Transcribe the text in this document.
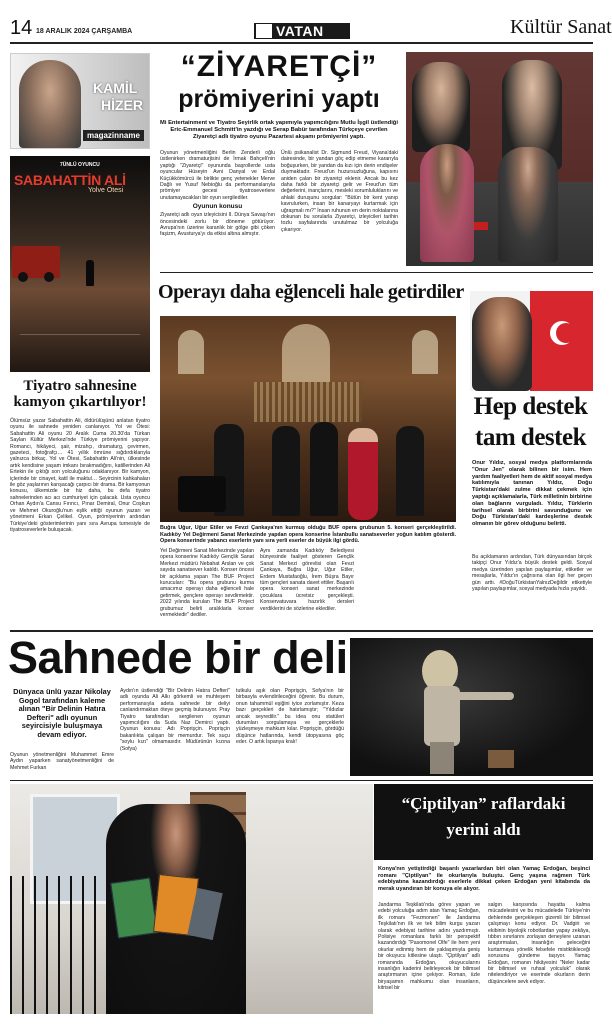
14 18 ARALIK 2024 ÇARŞAMBA	VATAN	Kültür Sanat
KAMİL
HİZER
magazinname
7ÜNLÜ OYUNCU
SABAHATTİN ALİ
Yolve Ötesi
Tiyatro sahnesine kamyon çıkartılıyor!
Ölümsüz yazar Sabahattin Ali, öldürülüşünü anlatan tiyatro oyunu ile sahnede yeniden canlanıyor. Yol ve Ötesi: Sabahattin Ali oyunu 20 Aralık Cuma 20.30'da Türkan Saylan Kültür Merkezi'nde Türkiye prömiyerini yapıyor. Romancı, hikâyeci, şair, mizahçı, dramaturg, çevirmen, gazeteci, fotoğrafçı… 41 yıllık ömrüne sığdırdıklarıyla yalnızca birkaç. Yol ve Ötesi, Sabahattin Ali'nin, ülkesinde artık kendisine yaşam imkanı bırakmadığını, katillerinden Ali Ertekin ile çıktığı son yolculuğunu odaklanıyor. Bir kamyon, içlerinde bir cinayet, katil ile maktul… Seyircinin kahkahaları ile göz yaşlarının karışacağı çarpıcı bir drama. Bir kamyonun konusu, ülkemizde bir hiz daha, bu defa tiyatro sahnelerinden acı acı cumhuriyet için çalacak. Usta oyuncu Orhan Aydın'a Cansu Fırıncı, Pınar Demiral, Onur Coşkun ve Mehmet Okuroğlu'nun eşlik ettiği oyunun yazarı ve yönetmeni Erkan Çelikel. Oyun, prömiyerinin ardından Türkiye'deki gösterimlerinin yanı sıra Avrupa turnesiyle de tiyatroseverlerle buluşacak.
“ZİYARETÇİ”
prömiyerini yaptı
Mi Entertainment ve Tiyatro Seyirlik ortak yapımıyla yapımcılığını Mutlu İşgil üstlendiği Eric-Emmanuel Schmitt'in yazdığı ve Serap Babür tarafından Türkçeye çevrilen Ziyaretçi adlı tiyatro oyunu Pazartesi akşamı prömiyerini yaptı.
Oyunun yönetmenliğini Berlin Zenderli oğlu üstlenirken dramaturjisini de İrmak Bahçeli'nin yaptığı "Ziyaretçi" oyununda başrollerde usta oyuncular Hüseyin Avni Danyal ve Erdal Küçükkömürcü ile birlikte genç yetenekler Merve Dağlı ve Yusuf Nebioğlu da performanslarıyla prömiyer gecesi tiyatroseverlere unutamayacakları bir oyun sergilediler.
Oyunun konusu
Ziyaretçi adlı oyun izleyicisini II. Dünya Savaşı'nın öncesindeki zorlu bir döneme götürüyor. Avrupa'nın üzerine karanlık bir gölge gibi çöken faşizm, Avusturya'yı da etkisi altına almıştır.
Ünlü psikanalist Dr. Sigmund Freud, Viyana'daki dairesinde, bir yandan göç edip etmeme kararıyla boğuşurken, bir yandan da kızı için derin endişeler duymaktadır. Freud'un huzursuzluğuna, kapısını aniden çalan bir ziyaretçi eklenir. Ancak bu kez daha farklı bir ziyaretçi gelir ve Freud'un tüm değerlerini, inançlarını, mesleki sorumluluklarını ve ahlaki duruşunu sorgular: "Bütün bir kent yanıp kavrulurken, insan bir kanaryayı kurtarmak için uğraşmalı mı?" İnsan ruhunun en derin noktalarına dokunan bu sorularla Ziyaretçi, izleyicileri tarihin tozlu sayfalarında unutulmaz bir yolculuğa çıkarıyor.
Operayı daha eğlenceli hale getirdiler
Buğra Uğur, Uğur Etiler ve Fevzi Çankaya'nın kurmuş olduğu BUF opera grubunun 5. konseri gerçekleştirildi. Kadıköy Yel Değirmeni Sanat Merkezinde yapılan opera konserine İstanbullu sanatseverler yoğun katılım gösterdi. Opera konserinde yabancı eserlerin yanı sıra yerli eserler de büyük ilgi gördü.
Yel Değirmeni Sanat Merkezinde yapılan opera konserine Kadıköy Gençlik Sanat Merkezi müdürü Nebahat Arslan ve çok sayıda sanatsever katıldı. Konser öncesi bir açıklama yapan The BUF Project kurucuları: "Bu opera grubunu kurma amacımız operayı daha eğlenceli hale getirmek, gençlere operayı sevdirmektir. 2022 yılında kurulan The BUF Project grubumuz belirli aralıklarla konser vermektedir" dediler.
Aynı zamanda Kadıköy Belediyesi bünyesinde faaliyet gösteren Gençlik Sanat Merkezi görevlisi olan Fevzi Çankaya, Buğra Uğur, Uğur Etiler, Erdem Mustafaoğlu, İrem Büşra Bayır tüm gençleri sanata davet ettiler. Başarılı opera konseri sanat merkezinde çocuklara ücretsiz gerçekleşti. Konservatuvara hazırlık dersleri verdiklerini de sözlerine eklediler.
Hep destek
tam destek
Onur Yıldız, sosyal medya platformlarında "Onur Jen" olarak bilinen bir isim. Hem yardım faaliyetleri hem de aktif sosyal medya katılımıyla tanınan Yıldız, Doğu Türkistan'daki zulme dikkat çekmek için yaptığı açıklamalarla, Türk milletinin birbirine olan bağlarını vurguladı. Yıldız, Türklerin tarihsel olarak birbirini savunduğunu ve Doğu Türkistan'daki kardeşlerine destek olmanın bir görev olduğunu belirtti.
Bu açıklamanın ardından, Türk dünyasından birçok takipçi Onur Yıldız'a büyük destek geldi. Sosyal medya üzerinden yapılan paylaşımlar, etiketler ve mesajlarla, Yıldız'ın çağrısına olan ilgi her geçen gün arttı. #DoğuTürkistanYalnızDeğildir etiketiyle yapılan paylaşımlar, sosyal medyada hızla yayıldı.
Sahnede bir deli
Dünyaca ünlü yazar Nikolay Gogol tarafından kaleme alınan "Bir Delinin Hatıra Defteri" adlı oyunun seyircisiyle buluşmaya devam ediyor.
Oyunun yönetmenliğini Muhammet Emre Aydın yaparken sanatyönetmenliğini de Mehmet Furkan
Aydın'ın üstlendiği "Bir Delinin Hatıra Defteri" adlı oyunda Ali Alkı görkemli ve muhteşem performansıyla adeta sahnede bir deliyi canlandırmaktan öteye geçmiş bulunuyor. Pray Tiyatro tarafından sergilenen oyunun yapımcılığını da Suda Naz Demirci yaptı. Oyunun konusu: Adı Poprişçin. Poprişçin bakanlıkta çalışan bir memurdur. Tek suçu "soylu kızı" olmamasıdır. Müdürünün kızına (Sofya)
tutkulu aşık olan Poprişçin, Sofya'nın bir birbasyla evlendirileceğini öğrenir. Bu durum, onun tahammül eşiğini iyice zorlamıştır. Keza bazı gerçekleri de hatırlamıştır; "Yıldızlar ancak seyredilir." bu idea onu statüleri durumları sorgulamaya ve gerçeklerle yüzleşmeye mahkum kılar. Poprişçin, gördüğü düşünce hatlarında, kendi ütopyasına göç eder. O artık İspanya kralı!
“Çiptilyan” raflardaki
yerini aldı
Konya'nın yetiştirdiği başarılı yazarlardan biri olan Yamaç Erdoğan, beşinci romanı "Çiptilyan" ile okurlarıyla buluştu. Genç yaşına rağmen Türk edebiyatına kazandırdığı eserlerle dikkat çeken Erdoğan yeni kitabında da merak uyandıran bir konuya ele alıyor.
Jandarma Teşkilatı'nda görev yapan ve edebi yolculuğa adım atan Yamaç Erdoğan, ilk romanı "Fezmonen" ile Jandarma Teşkilatı'nın ilk ve tek bilim kurgu yazarı olarak edebiyat tarihine adını yazdırmıştı. Polisiye romanlara farklı bir perspektif kazandırdığı "Pasomonel Olfe" ile hem yeni okurlar edinmiş hem de yaklaşımıyla geniş bir okuyucu kitlesine ulaştı. "Çiptilyan" adlı romanında Erdoğan, okuyucularını insanlığın kaderini belirleyecek bir bilimsel araştırmanın içine çekiyor. Roman, iizle biryaşamın mahkumu olan insanların, kitrisel bir
salgın karşısında hayatta kalma mücadelesini ve bu mücadelede Türkiye'nin dehlerinde gerçekleşen gizemli bir bilimsel çalışmayı konu ediyor. Dr. Vadgiri ve ekibinin biyolojik robotlardan yapay zekâya, tıbbın sınırlarını zorlayan deneylere uzanan araştırmaları, insanlığın geleceğini kurtarmaya yönelik felsefele mistiktikleceği sorusunu gündeme taşıyor. Yamaç Erdoğan, romanın hikâyesini "Neler kadar bir bilimsel ve ruhsal yolculuk" olarak nitelendiriyor ve eserinde okurların derin düşüncelere sevk ediyor.
